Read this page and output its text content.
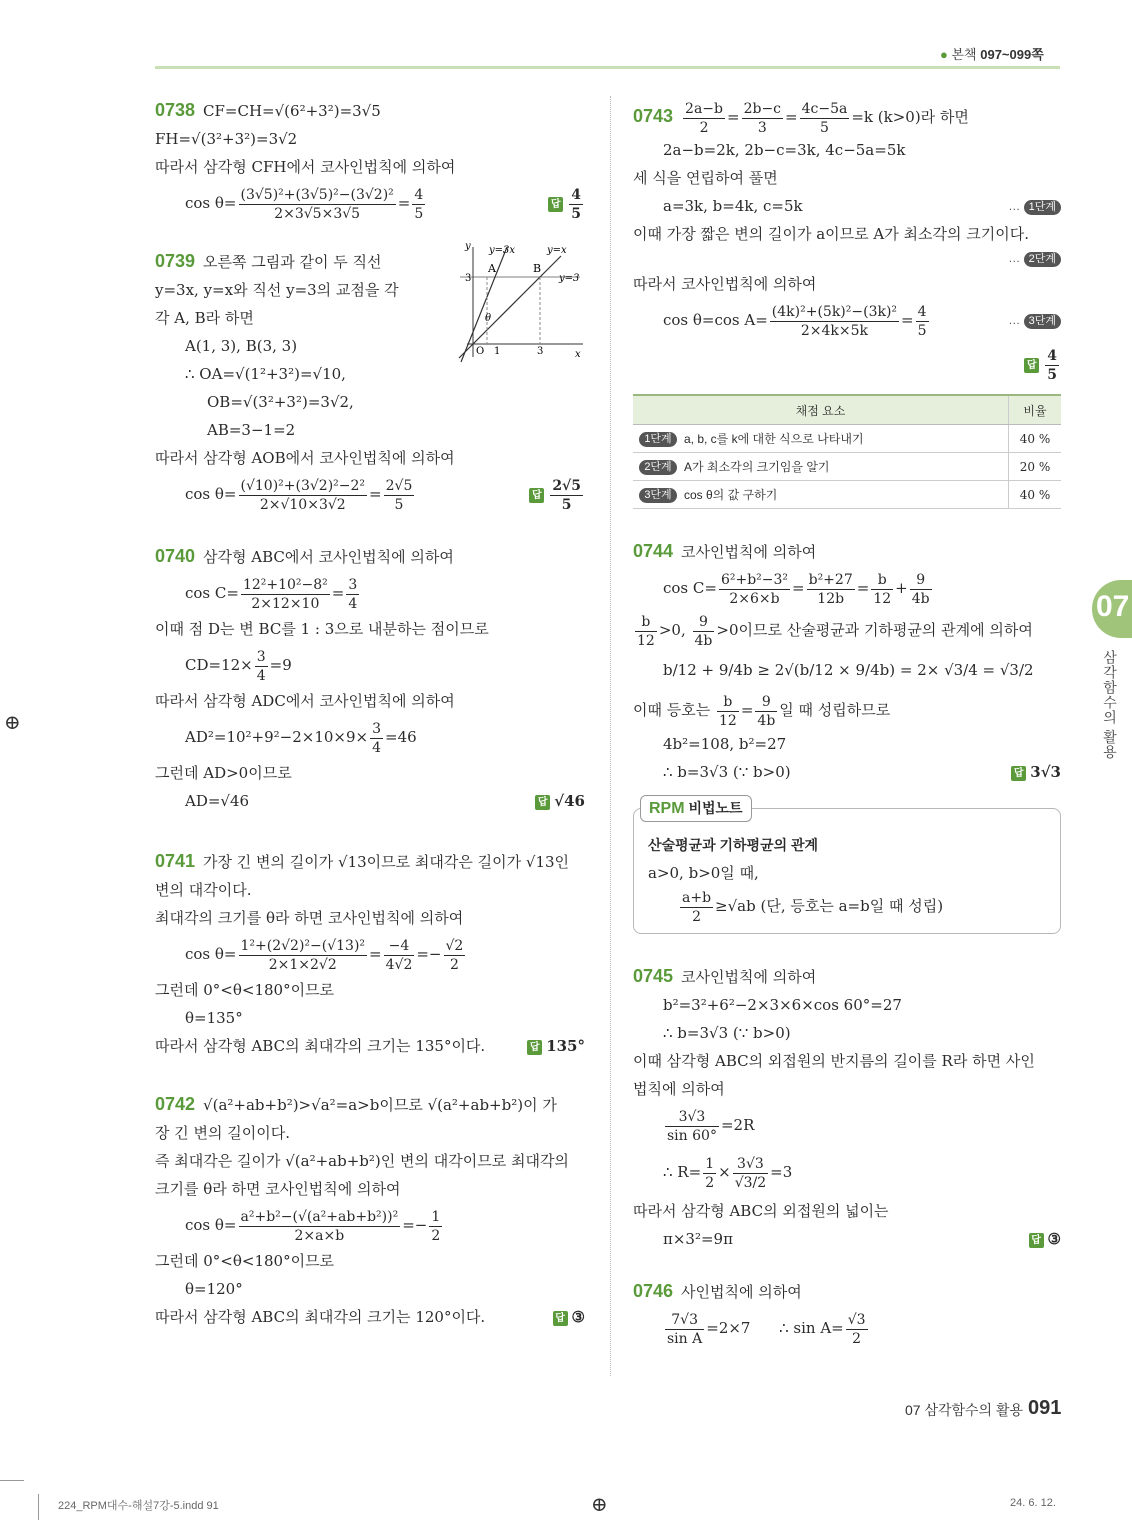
● 본책 097~099쪽
0738 CF=CH=√(6²+3²)=3√5
FH=√(3²+3²)=3√2
따라서 삼각형 CFH에서 코사인법칙에 의하여
$\cos \theta= \frac{\text{(3√5)²+(3√5)²−(3√2)²}}{2\times 3√5\times 3√5} = \frac{4}{5}$	답 $\frac{4}{5}$
0739 오른쪽 그림과 같이 두 직선
y=3x, y=x와 직선 y=3의 교점을 각
각 A, B라 하면
A(1, 3), B(3, 3)
∴ OA=√(1²+3²)=√10,
OB=√(3²+3²)=3√2,
AB=3−1=2
따라서 삼각형 AOB에서 코사인법칙에 의하여
$\cos \theta= \frac{\text{(√10)²+(3√2)²−2²}}{2\times√10\times 3√2} = \frac{2√5}{5}$	답 $\frac{2√5}{5}$
y
x
y=3x	y=x
y=3
A	B
O
θ
3
1	3
0740 삼각형 ABC에서 코사인법칙에 의하여
$\cos C= \frac{\text{12²+10²−8²}}{2\times 12\times 10} = \frac{3}{4}$
이때 점 D는 변 BC를 1 : 3으로 내분하는 점이므로
$CD=12\times \frac{3}{4} =9$
따라서 삼각형 ADC에서 코사인법칙에 의하여
$AD^2=10^2+9^2-2\times 10\times 9\times \frac{3}{4} =46$
그런데 AD>0이므로
AD=√46	답 √46
0741 가장 긴 변의 길이가 √13이므로 최대각은 길이가 √13인
변의 대각이다.
최대각의 크기를 θ라 하면 코사인법칙에 의하여
$\cos \theta= \frac{\text{1²+(2√2)²−(√13)²}}{2\times 1\times 2√2} = \frac{-4}{4√2} =- \frac{√2}{2}$
그런데 0°<θ<180°이므로
θ=135°
따라서 삼각형 ABC의 최대각의 크기는 135°이다.	답 135°
0742 √(a²+ab+b²)>√a²=a>b이므로 √(a²+ab+b²)이 가
장 긴 변의 길이이다.
즉 최대각은 길이가 √(a²+ab+b²)인 변의 대각이므로 최대각의
크기를 θ라 하면 코사인법칙에 의하여
$\cos \theta= \frac{\text{a²+b²−(√(a²+ab+b²))²}}{2\times a\times b} =- \frac{1}{2}$
그런데 0°<θ<180°이므로
θ=120°
따라서 삼각형 ABC의 최대각의 크기는 120°이다.	답 ③
$0743 \frac{2a-b}{2} = \frac{2b-c}{3} = \frac{4c-5a}{5} =k$ (k>0)라 하면
2a−b=2k, 2b−c=3k, 4c−5a=5k
세 식을 연립하여 풀면
a=3k, b=4k, c=5k	… 1단계
이때 가장 짧은 변의 길이가 a이므로 A가 최소각의 크기이다.
… 2단계
따라서 코사인법칙에 의하여
cos θ=cos $A= \frac{\text{(4k)²+(5k)²−(3k)²}}{2\times 4k\times 5k} = \frac{4}{5}$	… 3단계
답 $\frac{4}{5}$
채점 요소		비율
1단계	a, b, c를 k에 대한 식으로 나타내기	40 %
2단계	A가 최소각의 크기임을 알기	20 %
3단계	cos θ의 값 구하기	40 %
0744 코사인법칙에 의하여
$\cos C= \frac{\text{6²+b²−3²}}{2\times 6\times b} = \frac{\text{b²+27}}{12b} = \frac{b}{12} + \frac{9}{4b}$
$\frac{b}{12} >0$, $\frac{9}{4b} >0$이므로 산술평균과 기하평균의 관계에 의하여
b/12 + 9/4b ≥ 2√(b/12 × 9/4b) = 2× √3/4 = √3/2
이때 등호는 $\frac{b}{12} = \frac{9}{4b}$ 일 때 성립하므로
4b²=108, b²=27
∴ b=3√3 (∵ b>0)	답 3√3
RPM 비법노트
산술평균과 기하평균의 관계
a>0, b>0일 때,
$\frac{a+b}{2} \ge√ab$ (단, 등호는 a=b일 때 성립)
0745 코사인법칙에 의하여
b²=3²+6²−2×3×6×cos 60°=27
∴ b=3√3 (∵ b>0)
이때 삼각형 ABC의 외접원의 반지름의 길이를 R라 하면 사인
법칙에 의하여
$\frac{3√3}{\sin 60^\circ} =2R$
∴ $R= \frac{1}{2} \times \frac{3√3}{√3/2} =3$
따라서 삼각형 ABC의 외접원의 넓이는
π×3²=9π	답 ③
0746 사인법칙에 의하여
$\frac{7√3}{\text{sin A}} =2\times 7$      ∴ $\sin A= \frac{√3}{2}$
07
삼각함수의 활용
07 삼각함수의 활용 091
⊕
⊕
224_RPM대수-해설7강-5.indd 91	24. 6. 12.
